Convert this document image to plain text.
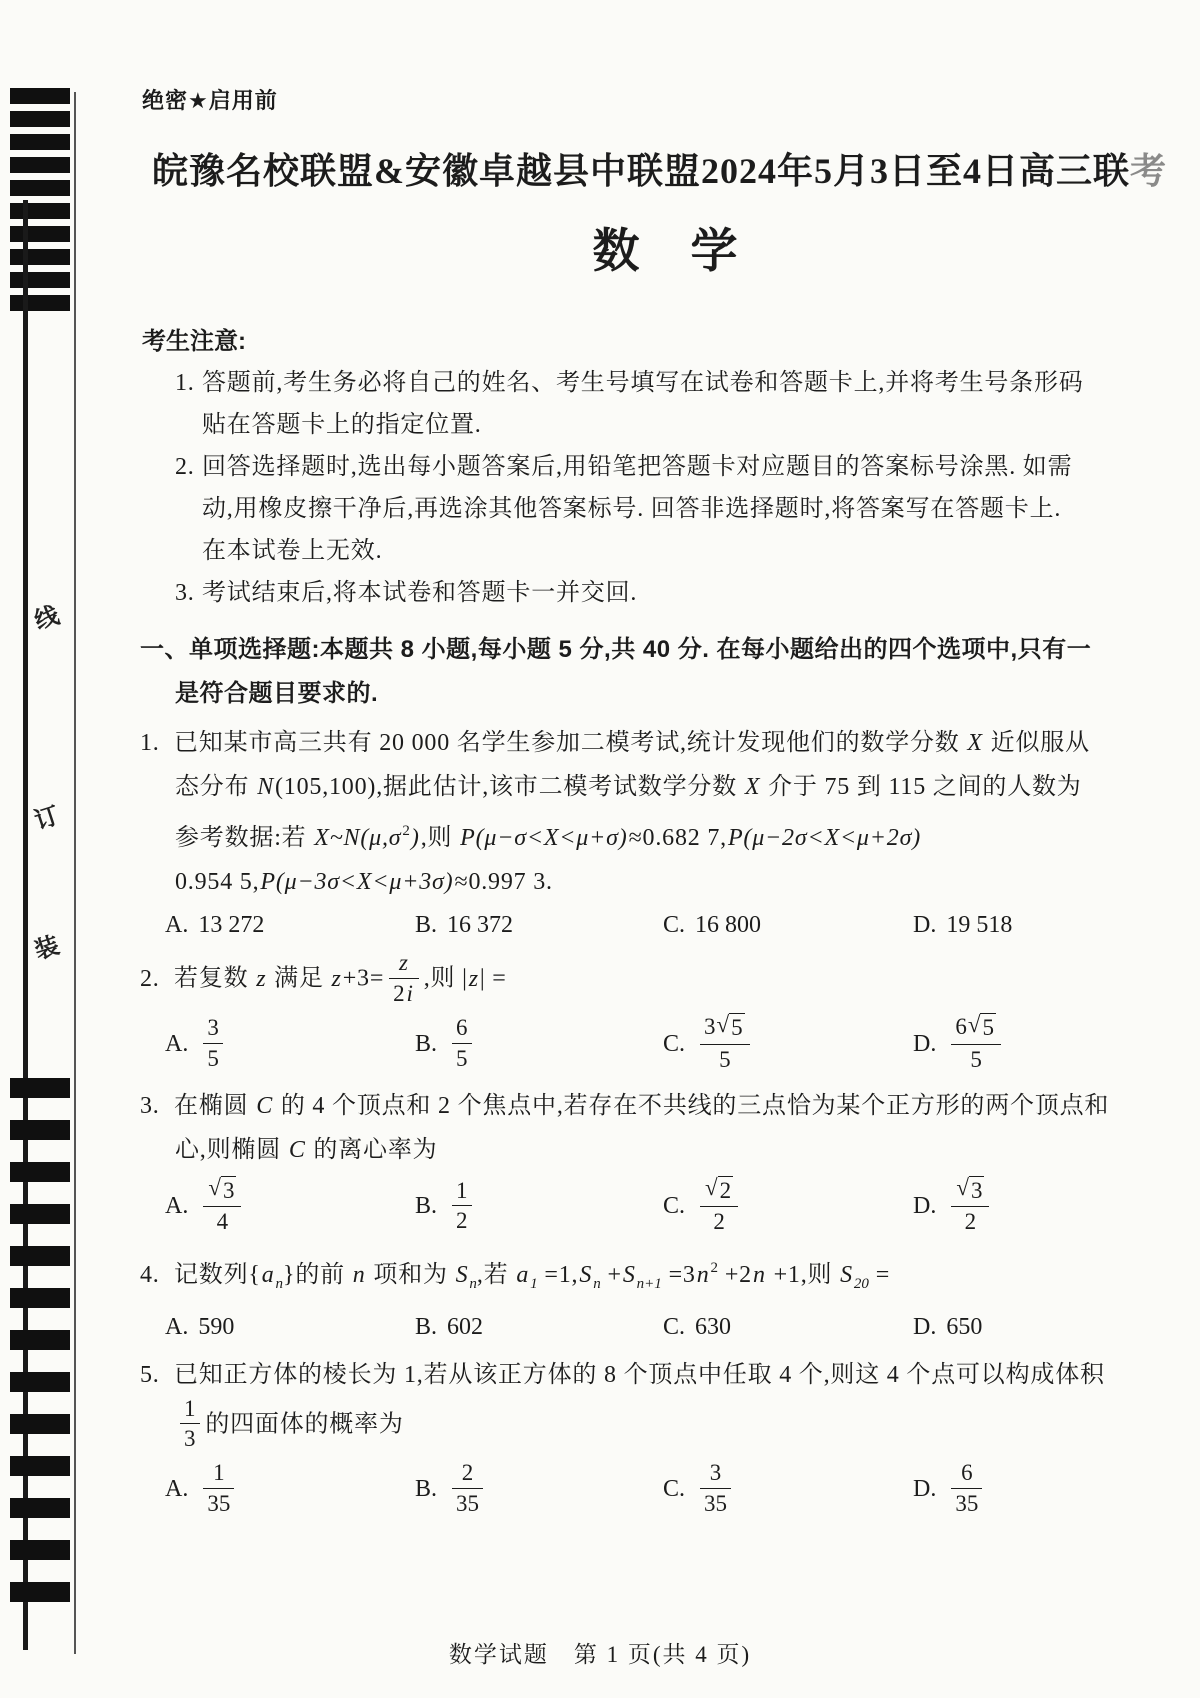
线
订
装
绝密★启用前
皖豫名校联盟&安徽卓越县中联盟2024年5月3日至4日高三联考
数　学
考生注意:
1. 答题前,考生务必将自己的姓名、考生号填写在试卷和答题卡上,并将考生号条形码
贴在答题卡上的指定位置.
2. 回答选择题时,选出每小题答案后,用铅笔把答题卡对应题目的答案标号涂黑. 如需
动,用橡皮擦干净后,再选涂其他答案标号. 回答非选择题时,将答案写在答题卡上.
在本试卷上无效.
3. 考试结束后,将本试卷和答题卡一并交回.
一、单项选择题:本题共 8 小题,每小题 5 分,共 40 分. 在每小题给出的四个选项中,只有一
是符合题目要求的.
1. 已知某市高三共有 20 000 名学生参加二模考试,统计发现他们的数学分数 X 近似服从
态分布 N(105,100),据此估计,该市二模考试数学分数 X 介于 75 到 115 之间的人数为
参考数据:若 $X\sim N(\mu,\sigma^2)$,则 P(μ−σ<X<μ+σ)≈0.682 7,P(μ−2σ<X<μ+2σ)
0.954 5,P(μ−3σ<X<μ+3σ)≈0.997 3.
A. 13 272	B. 16 372	C. 16 800	D. 19 518
2. 若复数 z 满足 $z+3= \frac{z}{2 i}$ ,则 |z| =
A. $\frac{3}{5}$	B. $\frac{6}{5}$	C. $\frac{3 √ 5}{5}$	D. $\frac{6 √ 5}{5}$
3. 在椭圆 C 的 4 个顶点和 2 个焦点中,若存在不共线的三点恰为某个正方形的两个顶点和
心,则椭圆 C 的离心率为
A. $\frac{√ 3}{4}$	B. $\frac{1}{2}$	C. $\frac{√ 2}{2}$	D. $\frac{√ 3}{2}$
4. 记数列$\{a_n\}$的前 n 项和为 $S_n$,若 $a_1 =1,S_n +S_{n+1} =3n^2 +2n +1$,则 $S_{20}$ =
A. 590	B. 602	C. 630	D. 650
5. 已知正方体的棱长为 1,若从该正方体的 8 个顶点中任取 4 个,则这 4 个点可以构成体积
$\frac{1}{3}$ 的四面体的概率为
A. $\frac{1}{35}$	B. $\frac{2}{35}$	C. $\frac{3}{35}$	D. $\frac{6}{35}$
数学试题　第 1 页(共 4 页)
